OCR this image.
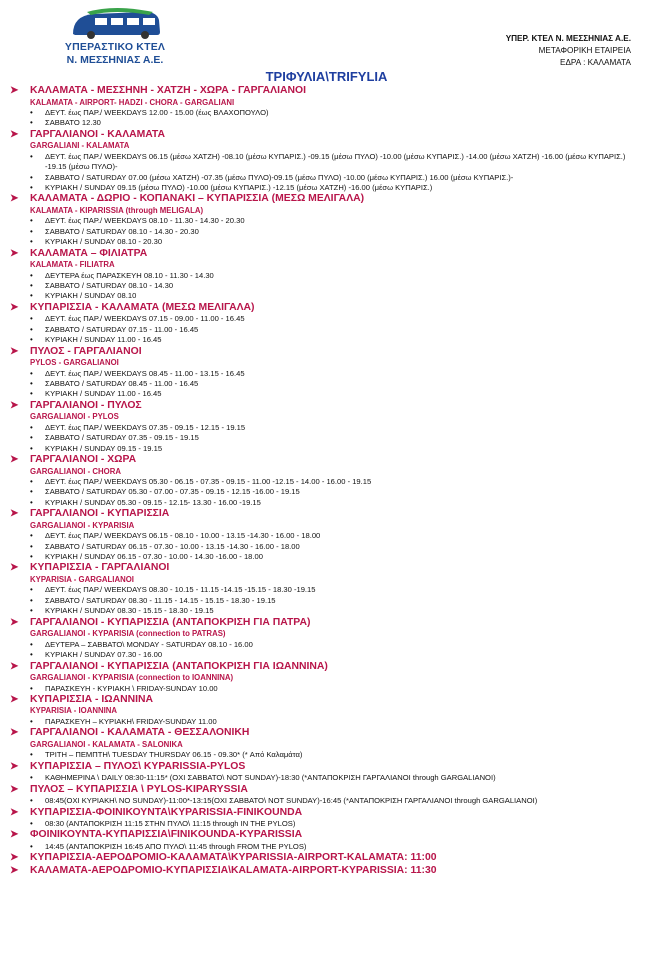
ΥΠΕΡΑΣΤΙΚΟ ΚΤΕΛ
Ν. ΜΕΣΣΗΝΙΑΣ Α.Ε.
ΥΠΕΡ. ΚΤΕΛ Ν. ΜΕΣΣΗΝΙΑΣ Α.Ε.
ΜΕΤΑΦΟΡΙΚΗ ΕΤΑΙΡΕΙΑ
ΕΔΡΑ : ΚΑΛΑΜΑΤΑ
ΤΡΙΦΥΛΙΑ\TRIFYLIA
➤ ΚΑΛΑΜΑΤΑ - ΜΕΣΣΗΝΗ - ΧΑΤΖΗ - ΧΩΡΑ - ΓΑΡΓΑΛΙΑΝΟΙ
KALAMATA - AIRPORT- HADZI - CHORA - GARGALIANI
• ΔΕΥΤ. έως ΠΑΡ./ WEEKDAYS 12.00 - 15.00 (έως ΒΛΑΧΟΠΟΥΛΟ)
• ΣΑΒΒΑΤΟ 12.30
➤ ΓΑΡΓΑΛΙΑΝΟΙ - ΚΑΛΑΜΑΤΑ
GARGALIANI - KALAMATA
• ΔΕΥΤ. έως ΠΑΡ./ WEEKDAYS 06.15 (μέσω ΧΑΤΖΗ) -08.10 (μέσω ΚΥΠΑΡΙΣ.) -09.15 (μέσω ΠΥΛΟ) -10.00 (μέσω ΚΥΠΑΡΙΣ.) -14.00 (μέσω ΧΑΤΖΗ) -16.00 (μέσω ΚΥΠΑΡΙΣ.) -19.15 (μέσω ΠΥΛΟ)-
• ΣΑΒΒΑΤΟ / SATURDAY 07.00 (μέσω ΧΑΤΖΗ) -07.35 (μέσω ΠΥΛΟ)-09.15 (μέσω ΠΥΛΟ) -10.00 (μέσω ΚΥΠΑΡΙΣ.) 16.00 (μέσω ΚΥΠΑΡΙΣ.)-
• ΚΥΡΙΑΚΗ / SUNDAY 09.15 (μέσω ΠΥΛΟ) -10.00 (μέσω ΚΥΠΑΡΙΣ.) -12.15 (μέσω ΧΑΤΖΗ) -16.00 (μέσω ΚΥΠΑΡΙΣ.)
➤ ΚΑΛΑΜΑΤΑ - ΔΩΡΙΟ - ΚΟΠΑΝΑΚΙ – ΚΥΠΑΡΙΣΣΙΑ (ΜΕΣΩ ΜΕΛΙΓΑΛΑ)
KALAMATA - KIPARISSIA (through MELIGALA)
• ΔΕΥΤ. έως ΠΑΡ./ WEEKDAYS 08.10 - 11.30 - 14.30 - 20.30
• ΣΑΒΒΑΤΟ / SATURDAY 08.10 - 14.30 - 20.30
• ΚΥΡΙΑΚΗ / SUNDAY 08.10 - 20.30
➤ ΚΑΛΑΜΑΤΑ – ΦΙΛΙΑΤΡΑ
KALAMATA - FILIATRA
• ΔΕΥΤΕΡΑ έως ΠΑΡΑΣΚΕΥΗ 08.10 - 11.30 - 14.30
• ΣΑΒΒΑΤΟ / SATURDAY 08.10 - 14.30
• ΚΥΡΙΑΚΗ / SUNDAY 08.10
➤ ΚΥΠΑΡΙΣΣΙΑ - ΚΑΛΑΜΑΤΑ (ΜΕΣΩ ΜΕΛΙΓΑΛΑ)
• ΔΕΥΤ. έως ΠΑΡ./ WEEKDAYS 07.15 - 09.00 - 11.00 - 16.45
• ΣΑΒΒΑΤΟ / SATURDAY 07.15 - 11.00 - 16.45
• ΚΥΡΙΑΚΗ / SUNDAY 11.00 - 16.45
➤ ΠΥΛΟΣ - ΓΑΡΓΑΛΙΑΝΟΙ
PYLOS - GARGALIANOI
• ΔΕΥΤ. έως ΠΑΡ./ WEEKDAYS 08.45 - 11.00 - 13.15 - 16.45
• ΣΑΒΒΑΤΟ / SATURDAY 08.45 - 11.00 - 16.45
• ΚΥΡΙΑΚΗ / SUNDAY 11.00 - 16.45
➤ ΓΑΡΓΑΛΙΑΝΟΙ - ΠΥΛΟΣ
GARGALIANOI - PYLOS
• ΔΕΥΤ. έως ΠΑΡ./ WEEKDAYS 07.35 - 09.15 - 12.15 - 19.15
• ΣΑΒΒΑΤΟ / SATURDAY 07.35 - 09.15 - 19.15
• ΚΥΡΙΑΚΗ / SUNDAY 09.15 - 19.15
➤ ΓΑΡΓΑΛΙΑΝΟΙ - ΧΩΡΑ
GARGALIANOI - CHORA
• ΔΕΥΤ. έως ΠΑΡ./ WEEKDAYS 05.30 - 06.15 - 07.35 - 09.15 - 11.00 -12.15 - 14.00 - 16.00 - 19.15
• ΣΑΒΒΑΤΟ / SATURDAY 05.30 - 07.00 - 07.35 - 09.15 - 12.15 -16.00 - 19.15
• ΚΥΡΙΑΚΗ / SUNDAY 05.30 - 09.15 - 12.15- 13.30 - 16.00 -19.15
➤ ΓΑΡΓΑΛΙΑΝΟΙ - ΚΥΠΑΡΙΣΣΙΑ
GARGALIANOI - KYPARISIA
• ΔΕΥΤ. έως ΠΑΡ./ WEEKDAYS 06.15 - 08.10 - 10.00 - 13.15 -14.30 - 16.00 - 18.00
• ΣΑΒΒΑΤΟ / SATURDAY 06.15 - 07.30 - 10.00 - 13.15 -14.30 - 16.00 - 18.00
• ΚΥΡΙΑΚΗ / SUNDAY 06.15 - 07.30 - 10.00 - 14.30 -16.00 - 18.00
➤ ΚΥΠΑΡΙΣΣΙΑ - ΓΑΡΓΑΛΙΑΝΟΙ
KYPARISIA - GARGALIANOI
• ΔΕΥΤ. έως ΠΑΡ./ WEEKDAYS 08.30 - 10.15 - 11.15 -14.15 -15.15 - 18.30 -19.15
• ΣΑΒΒΑΤΟ / SATURDAY 08.30 - 11.15 - 14.15 - 15.15 - 18.30 - 19.15
• ΚΥΡΙΑΚΗ / SUNDAY 08.30 - 15.15 - 18.30 - 19.15
➤ ΓΑΡΓΑΛΙΑΝΟΙ - ΚΥΠΑΡΙΣΣΙΑ (ΑΝΤΑΠΟΚΡΙΣΗ ΓΙΑ ΠΑΤΡΑ)
GARGALIANOI - KYPARISIA (connection to PATRAS)
• ΔΕΥΤΕΡΑ – ΣΑΒΒΑΤΟ\ MONDAY - SATURDAY 08.10 - 16.00
• ΚΥΡΙΑΚΗ / SUNDAY 07.30 - 16.00
➤ ΓΑΡΓΑΛΙΑΝΟΙ - ΚΥΠΑΡΙΣΣΙΑ (ΑΝΤΑΠΟΚΡΙΣΗ ΓΙΑ ΙΩΑΝΝΙΝΑ)
GARGALIANOI - KYPARISIA (connection to IOANNINA)
• ΠΑΡΑΣΚΕΥΗ - ΚΥΡΙΑΚΗ \ FRIDAY-SUNDAY 10.00
➤ ΚΥΠΑΡΙΣΣΙΑ - ΙΩΑΝΝΙΝΑ
KYPARISIA - IOANNINA
• ΠΑΡΑΣΚΕΥΗ – ΚΥΡΙΑΚΗ\ FRIDAY-SUNDAY 11.00
➤ ΓΑΡΓΑΛΙΑΝΟΙ - ΚΑΛΑΜΑΤΑ - ΘΕΣΣΑΛΟΝΙΚΗ
GARGALIANOI - KALAMATA - SALONIKA
• ΤΡΙΤΗ – ΠΕΜΠΤΗ\ TUESDAY THURSDAY 06.15 - 09.30* (* Από Καλαμάτα)
➤ ΚΥΠΑΡΙΣΣΙΑ – ΠΥΛΟΣ\ KYPARISSIA-PYLOS
• ΚΑΘΗΜΕΡΙΝΑ \ DAILY 08:30-11:15* (ΟΧΙ ΣΑΒΒΑΤΟ\ NOT SUNDAY)-18:30 (*ΑΝΤΑΠΟΚΡΙΣΗ ΓΑΡΓΑΛΙΑΝΟΙ through GARGALIANOI)
➤ ΠΥΛΟΣ – ΚΥΠΑΡΙΣΣΙΑ \ PYLOS-KIPARYSSIA
• 08:45(ΟΧΙ ΚΥΡΙΑΚΗ\ NO SUNDAY)-11:00*-13:15(ΟΧΙ ΣΑΒΒΑΤΟ\ NOT SUNDAY)-16:45 (*ΑΝΤΑΠΟΚΡΙΣΗ ΓΑΡΓΑΛΙΑΝΟΙ through GARGALIANOI)
➤ ΚΥΠΑΡΙΣΣΙΑ-ΦΟΙΝΙΚΟΥΝΤΑ\KYPARISSIA-FINIKOUNDA
• 08:30 (ΑΝΤΑΠΟΚΡΙΣΗ 11:15 ΣΤΗΝ ΠΥΛΟ\ 11:15 through IN THE PYLOS)
➤ ΦΟΙΝΙΚΟΥΝΤΑ-ΚΥΠΑΡΙΣΣΙΑ\FINIKOUNDA-KYPARISSIA
• 14:45 (ΑΝΤΑΠΟΚΡΙΣΗ 16:45 ΑΠΟ ΠΥΛΟ\ 11:45 through FROM THE PYLOS)
➤ ΚΥΠΑΡΙΣΣΙΑ-ΑΕΡΟΔΡΟΜΙΟ-ΚΑΛΑΜΑΤΑ\KYPARISSIA-AIRPORT-KALAMATA: 11:00
➤ ΚΑΛΑΜΑΤΑ-ΑΕΡΟΔΡΟΜΙΟ-ΚΥΠΑΡΙΣΣΙΑ\KALAMATA-AIRPORT-KYPARISSIA: 11:30
